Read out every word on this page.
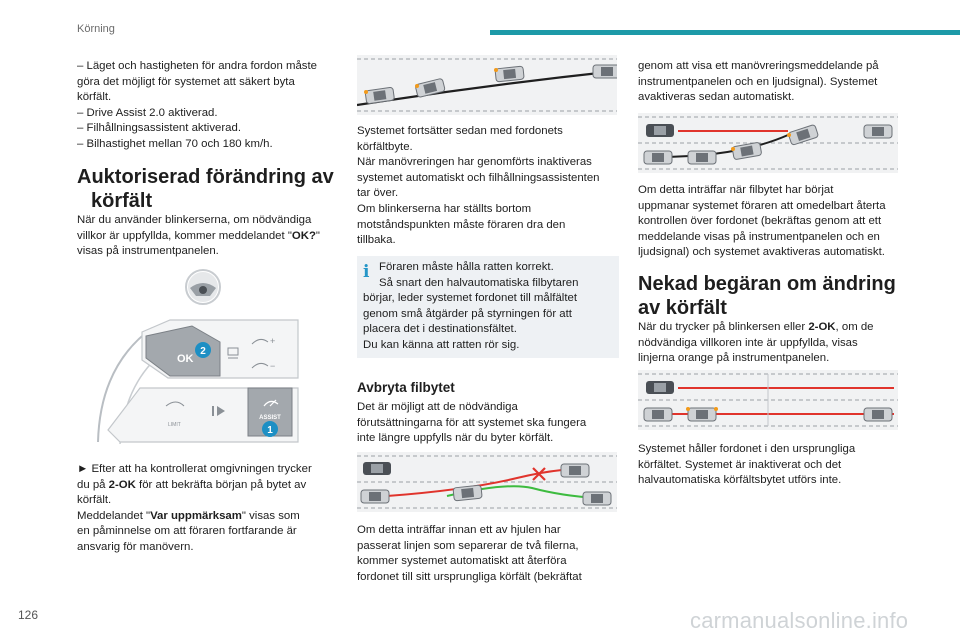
Körning

– Läget och hastigheten för andra fordon måste

göra det möjligt för systemet att säkert byta

körfält.

– Drive Assist 2.0 aktiverad.

– Filhållningsassistent aktiverad.

– Bilhastighet mellan 70 och 180 km/h.

Auktoriserad förändring av
körfält

När du använder blinkerserna, om nödvändiga

villkor är uppfyllda, kommer meddelandet "OK?"

visas på instrumentpanelen.

OK
2
+
−
LIMIT
ASSIST
1

► Efter att ha kontrollerat omgivningen trycker

du på 2-OK för att bekräfta början på bytet av

körfält.

Meddelandet "Var uppmärksam" visas som

en påminnelse om att föraren fortfarande är

ansvarig för manövern.

Systemet fortsätter sedan med fordonets

körfältbyte.

När manövreringen har genomförts inaktiveras

systemet automatiskt och filhållningsassistenten

tar över.

Om blinkerserna har ställts bortom

motståndspunkten måste föraren dra den

tillbaka.

i Föraren måste hålla ratten korrekt.
Så snart den halvautomatiska filbytaren
börjar, leder systemet fordonet till målfältet
genom små åtgärder på styrningen för att
placera det i destinationsfältet.
Du kan känna att ratten rör sig.
Avbryta filbytet

Det är möjligt att de nödvändiga

förutsättningarna för att systemet ska fungera

inte längre uppfylls när du byter körfält.

Om detta inträffar innan ett av hjulen har

passerat linjen som separerar de två filerna,

kommer systemet automatiskt att återföra

fordonet till sitt ursprungliga körfält (bekräftat

genom att visa ett manövreringsmeddelande på

instrumentpanelen och en ljudsignal). Systemet

avaktiveras sedan automatiskt.

Om detta inträffar när filbytet har börjat

uppmanar systemet föraren att omedelbart återta

kontrollen över fordonet (bekräftas genom att ett

meddelande visas på instrumentpanelen och en

ljudsignal) och systemet avaktiveras automatiskt.

Nekad begäran om ändring
av körfält

När du trycker på blinkersen eller 2-OK, om de

nödvändiga villkoren inte är uppfyllda, visas

linjerna orange på instrumentpanelen.

Systemet håller fordonet i den ursprungliga

körfältet. Systemet är inaktiverat och det

halvautomatiska körfältsbytet utförs inte.

126	carmanualsonline.info
